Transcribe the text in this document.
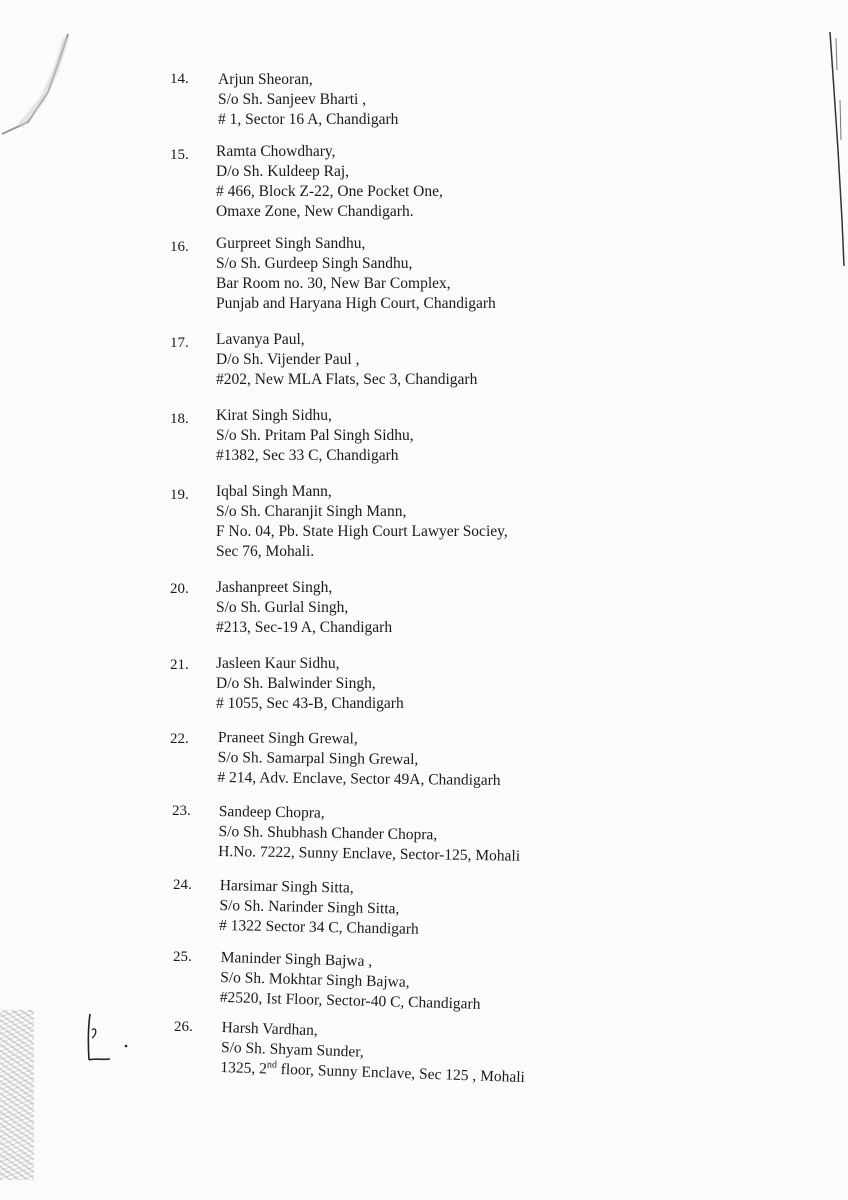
14.	Arjun Sheoran,
S/o Sh. Sanjeev Bharti ,
# 1, Sector 16 A, Chandigarh
15.	Ramta Chowdhary,
D/o Sh. Kuldeep Raj,
# 466, Block Z-22, One Pocket One,
Omaxe Zone, New Chandigarh.
16.	Gurpreet Singh Sandhu,
S/o Sh. Gurdeep Singh Sandhu,
Bar Room no. 30, New Bar Complex,
Punjab and Haryana High Court, Chandigarh
17.	Lavanya Paul,
D/o Sh. Vijender Paul ,
#202, New MLA Flats, Sec 3, Chandigarh
18.	Kirat Singh Sidhu,
S/o Sh. Pritam Pal Singh Sidhu,
#1382, Sec 33 C, Chandigarh
19.	Iqbal Singh Mann,
S/o Sh. Charanjit Singh Mann,
F No. 04, Pb. State High Court Lawyer Sociey,
Sec 76, Mohali.
20.	Jashanpreet Singh,
S/o Sh. Gurlal Singh,
#213, Sec-19 A, Chandigarh
21.	Jasleen Kaur Sidhu,
D/o Sh. Balwinder Singh,
# 1055, Sec 43-B, Chandigarh
22.	Praneet Singh Grewal,
S/o Sh. Samarpal Singh Grewal,
# 214, Adv. Enclave, Sector 49A, Chandigarh
23.	Sandeep Chopra,
S/o Sh. Shubhash Chander Chopra,
H.No. 7222, Sunny Enclave, Sector-125, Mohali
24.	Harsimar Singh Sitta,
S/o Sh. Narinder Singh Sitta,
# 1322 Sector 34 C, Chandigarh
25.	Maninder Singh Bajwa ,
S/o Sh. Mokhtar Singh Bajwa,
#2520, Ist Floor, Sector-40 C, Chandigarh
26.	Harsh Vardhan,
S/o Sh. Shyam Sunder,
1325, 2nd floor, Sunny Enclave, Sec 125 , Mohali
